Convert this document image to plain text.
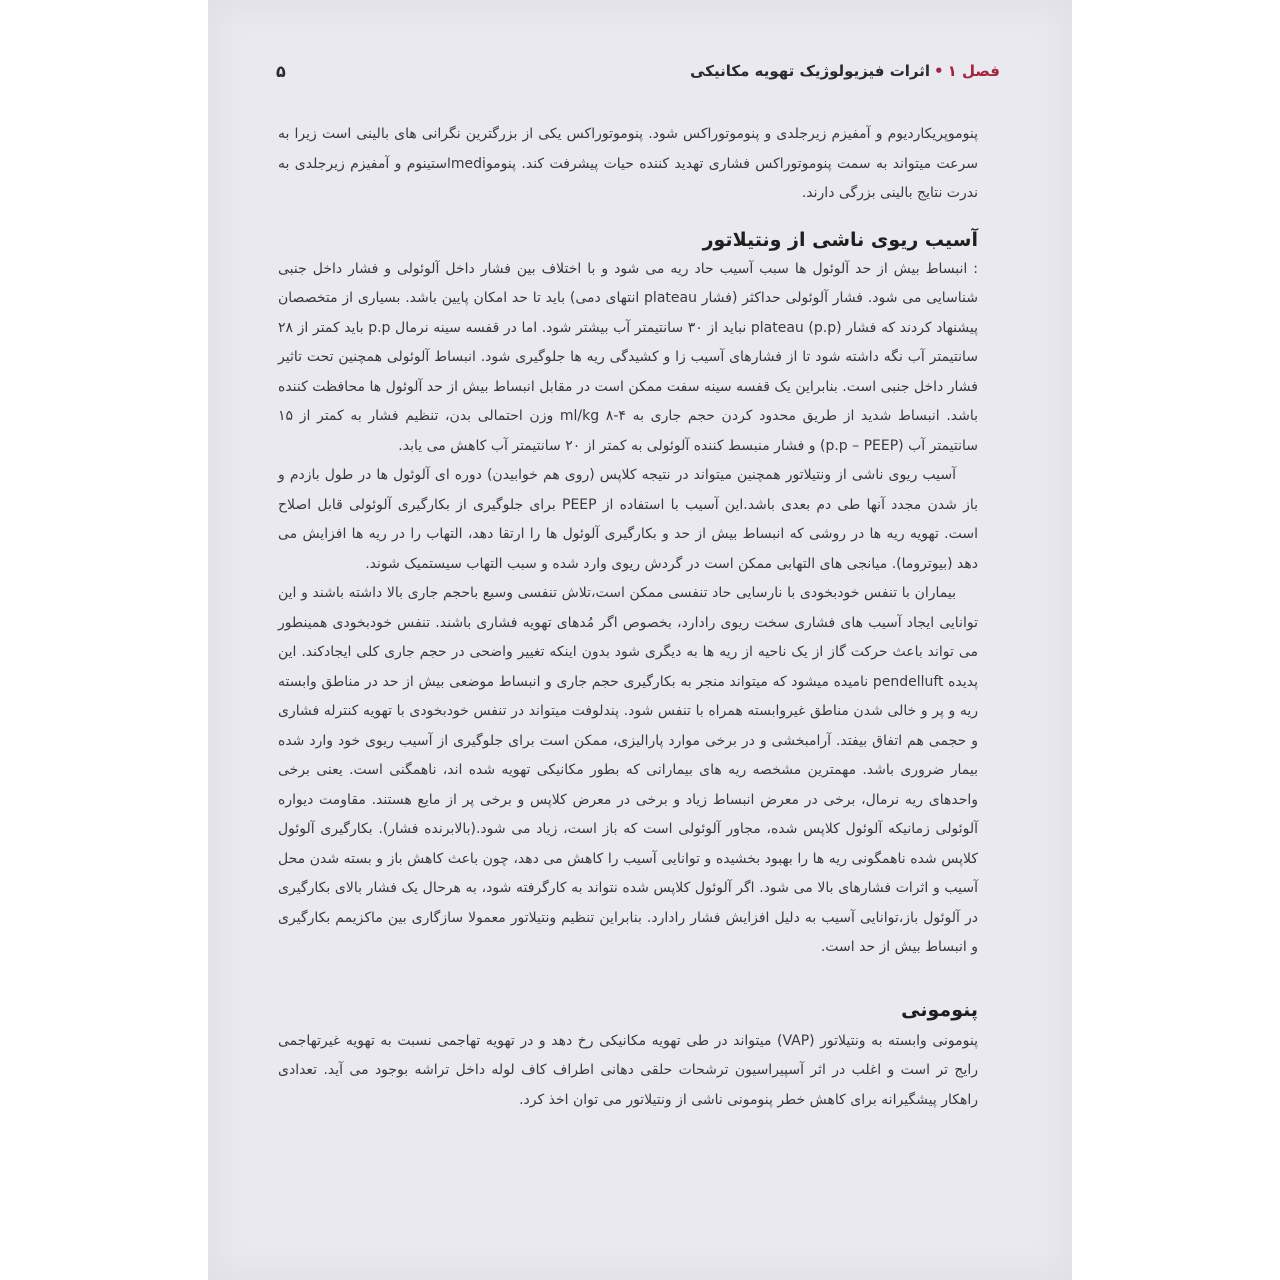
فصل ۱•اثرات فیزیولوژیک تهویه مکانیکی
۵

پنوموپریکاردیوم و آمفیزم زیرجلدی و پنوموتوراکس شود. پنوموتوراکس یکی از بزرگترین نگرانی های بالینی است زیرا به سرعت میتواند به سمت پنوموتوراکس فشاری تهدید کننده حیات پیشرفت کند. پنوموmediاستینوم و آمفیزم زیرجلدی به ندرت نتایج بالینی بزرگی دارند.

آسیب ریوی ناشی از ونتیلاتور

: انبساط بیش از حد آلوئول ها سبب آسیب حاد ریه می شود و با اختلاف بین فشار داخل آلوئولی و فشار داخل جنبی شناسایی می شود. فشار آلوئولی حداکثر (فشار plateau انتهای دمی) باید تا حد امکان پایین باشد. بسیاری از متخصصان پیشنهاد کردند که فشار plateau (p.p) نباید از ۳۰ سانتیمتر آب بیشتر شود. اما در قفسه سینه نرمال p.p باید کمتر از ۲۸ سانتیمتر آب نگه داشته شود تا از فشارهای آسیب زا و کشیدگی ریه ها جلوگیری شود. انبساط آلوئولی همچنین تحت تاثیر فشار داخل جنبی است. بنابراین یک قفسه سینه سفت ممکن است در مقابل انبساط بیش از حد آلوئول ها محافظت کننده باشد. انبساط شدید از طریق محدود کردن حجم جاری به ۴-۸ ml/kg وزن احتمالی بدن، تنظیم فشار به کمتر از ۱۵ سانتیمتر آب (p.p – PEEP) و فشار منبسط کننده آلوئولی به کمتر از ۲۰ سانتیمتر آب کاهش می یابد.

آسیب ریوی ناشی از ونتیلاتور همچنین میتواند در نتیجه کلاپس (روی هم خوابیدن) دوره ای آلوئول ها در طول بازدم و باز شدن مجدد آنها طی دم بعدی باشد.این آسیب با استفاده از PEEP برای جلوگیری از بکارگیری آلوئولی قابل اصلاح است. تهویه ریه ها در روشی که انبساط بیش از حد و بکارگیری آلوئول ها را ارتقا دهد، التهاب را در ریه ها افزایش می دهد (بیوتروما). میانجی های التهابی ممکن است در گردش ریوی وارد شده و سبب التهاب سیستمیک شوند.

بیماران با تنفس خودبخودی با نارسایی حاد تنفسی ممکن است،تلاش تنفسی وسیع باحجم جاری بالا داشته باشند و این توانایی ایجاد آسیب های فشاری سخت ریوی رادارد، بخصوص اگر مُدهای تهویه فشاری باشند. تنفس خودبخودی همینطور می تواند باعث حرکت گاز از یک ناحیه از ریه ها به دیگری شود بدون اینکه تغییر واضحی در حجم جاری کلی ایجادکند. این پدیده pendelluft نامیده میشود که میتواند منجر به بکارگیری حجم جاری و انبساط موضعی بیش از حد در مناطق وابسته ریه و پر و خالی شدن مناطق غیروابسته همراه با تنفس شود. پندلوفت میتواند در تنفس خودبخودی با تهویه کنترله فشاری و حجمی هم اتفاق بیفتد. آرامبخشی و در برخی موارد پارالیزی، ممکن است برای جلوگیری از آسیب ریوی خود وارد شده بیمار ضروری باشد. مهمترین مشخصه ریه های بیمارانی که بطور مکانیکی تهویه شده اند، ناهمگنی است. یعنی برخی واحدهای ریه نرمال، برخی در معرض انبساط زیاد و برخی در معرض کلاپس و برخی پر از مایع هستند. مقاومت دیواره آلوئولی زمانیکه آلوئول کلاپس شده، مجاور آلوئولی است که باز است، زیاد می شود.(بالابرنده فشار). بکارگیری آلوئول کلاپس شده ناهمگونی ریه ها را بهبود بخشیده و توانایی آسیب را کاهش می دهد، چون باعث کاهش باز و بسته شدن محل آسیب و اثرات فشارهای بالا می شود. اگر آلوئول کلاپس شده نتواند به کارگرفته شود، به هرحال یک فشار بالای بکارگیری در آلوئول باز،توانایی آسیب به دلیل افزایش فشار رادارد. بنابراین تنظیم ونتیلاتور معمولا سازگاری بین ماکزیمم بکارگیری و انبساط بیش از حد است.

پنومونی

پنومونی وابسته به ونتیلاتور (VAP) میتواند در طی تهویه مکانیکی رخ دهد و در تهویه تهاجمی نسبت به تهویه غیرتهاجمی رایج تر است و اغلب در اثر آسپیراسیون ترشحات حلقی دهانی اطراف کاف لوله داخل تراشه بوجود می آید. تعدادی راهکار پیشگیرانه برای کاهش خطر پنومونی ناشی از ونتیلاتور می توان اخذ کرد.
